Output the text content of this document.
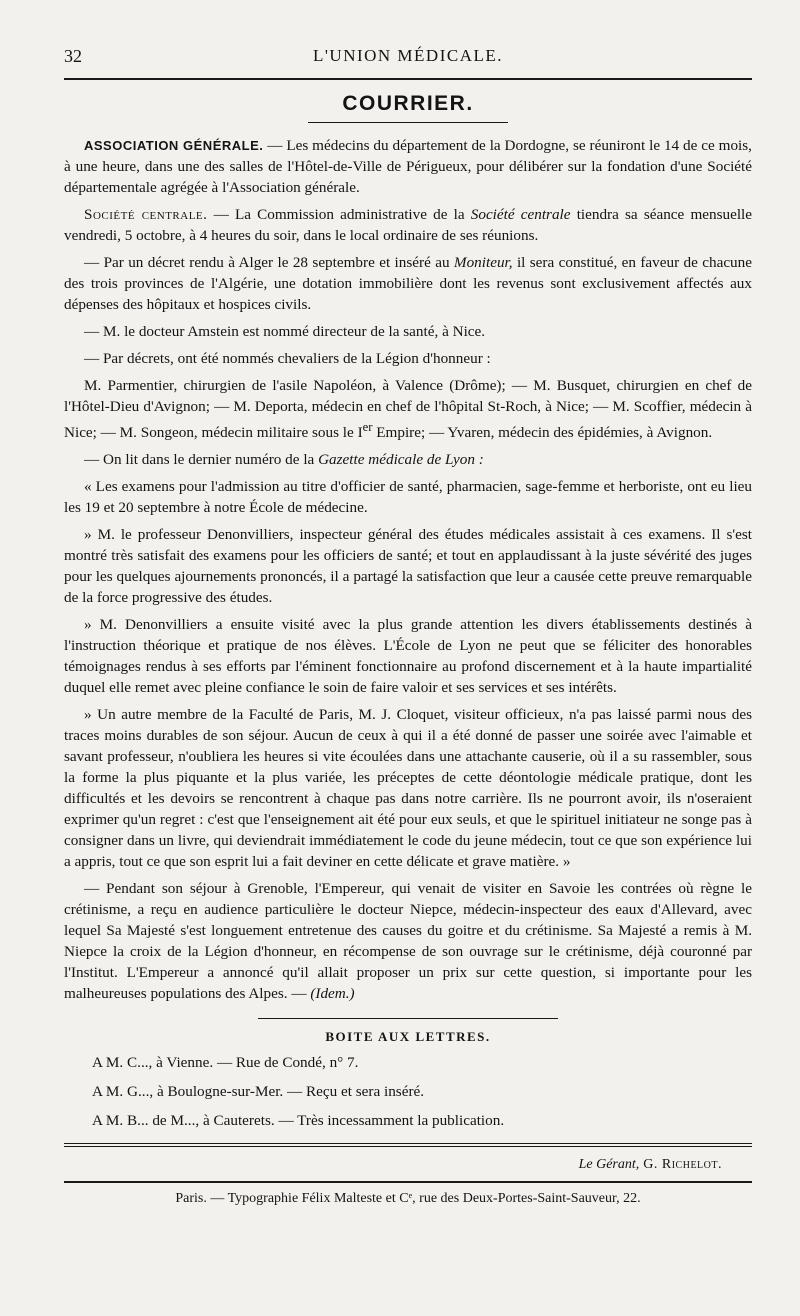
32	L'UNION MÉDICALE.
COURRIER.

ASSOCIATION GÉNÉRALE. — Les médecins du département de la Dordogne, se réuniront le 14 de ce mois, à une heure, dans une des salles de l'Hôtel-de-Ville de Périgueux, pour délibérer sur la fondation d'une Société départementale agrégée à l'Association générale.

Société centrale. — La Commission administrative de la Société centrale tiendra sa séance mensuelle vendredi, 5 octobre, à 4 heures du soir, dans le local ordinaire de ses réunions.

— Par un décret rendu à Alger le 28 septembre et inséré au Moniteur, il sera constitué, en faveur de chacune des trois provinces de l'Algérie, une dotation immobilière dont les revenus sont exclusivement affectés aux dépenses des hôpitaux et hospices civils.

— M. le docteur Amstein est nommé directeur de la santé, à Nice.

— Par décrets, ont été nommés chevaliers de la Légion d'honneur :

M. Parmentier, chirurgien de l'asile Napoléon, à Valence (Drôme); — M. Busquet, chirurgien en chef de l'Hôtel-Dieu d'Avignon; — M. Deporta, médecin en chef de l'hôpital St-Roch, à Nice; — M. Scoffier, médecin à Nice; — M. Songeon, médecin militaire sous le Ier Empire; — Yvaren, médecin des épidémies, à Avignon.

— On lit dans le dernier numéro de la Gazette médicale de Lyon :

« Les examens pour l'admission au titre d'officier de santé, pharmacien, sage-femme et herboriste, ont eu lieu les 19 et 20 septembre à notre École de médecine.

» M. le professeur Denonvilliers, inspecteur général des études médicales assistait à ces examens. Il s'est montré très satisfait des examens pour les officiers de santé; et tout en applaudissant à la juste sévérité des juges pour les quelques ajournements prononcés, il a partagé la satisfaction que leur a causée cette preuve remarquable de la force progressive des études.

» M. Denonvilliers a ensuite visité avec la plus grande attention les divers établissements destinés à l'instruction théorique et pratique de nos élèves. L'École de Lyon ne peut que se féliciter des honorables témoignages rendus à ses efforts par l'éminent fonctionnaire au profond discernement et à la haute impartialité duquel elle remet avec pleine confiance le soin de faire valoir et ses services et ses intérêts.

» Un autre membre de la Faculté de Paris, M. J. Cloquet, visiteur officieux, n'a pas laissé parmi nous des traces moins durables de son séjour. Aucun de ceux à qui il a été donné de passer une soirée avec l'aimable et savant professeur, n'oubliera les heures si vite écoulées dans une attachante causerie, où il a su rassembler, sous la forme la plus piquante et la plus variée, les préceptes de cette déontologie médicale pratique, dont les difficultés et les devoirs se rencontrent à chaque pas dans notre carrière. Ils ne pourront avoir, ils n'oseraient exprimer qu'un regret : c'est que l'enseignement ait été pour eux seuls, et que le spirituel initiateur ne songe pas à consigner dans un livre, qui deviendrait immédiatement le code du jeune médecin, tout ce que son expérience lui a appris, tout ce que son esprit lui a fait deviner en cette délicate et grave matière. »

— Pendant son séjour à Grenoble, l'Empereur, qui venait de visiter en Savoie les contrées où règne le crétinisme, a reçu en audience particulière le docteur Niepce, médecin-inspecteur des eaux d'Allevard, avec lequel Sa Majesté s'est longuement entretenue des causes du goitre et du crétinisme. Sa Majesté a remis à M. Niepce la croix de la Légion d'honneur, en récompense de son ouvrage sur le crétinisme, déjà couronné par l'Institut. L'Empereur a annoncé qu'il allait proposer un prix sur cette question, si importante pour les malheureuses populations des Alpes. — (Idem.)

BOITE AUX LETTRES.
A M. C..., à Vienne. — Rue de Condé, n° 7.
A M. G..., à Boulogne-sur-Mer. — Reçu et sera inséré.
A M. B... de M..., à Cauterets. — Très incessamment la publication.
Le Gérant, G. Richelot.
Paris. — Typographie Félix Malteste et Cᵉ, rue des Deux-Portes-Saint-Sauveur, 22.
